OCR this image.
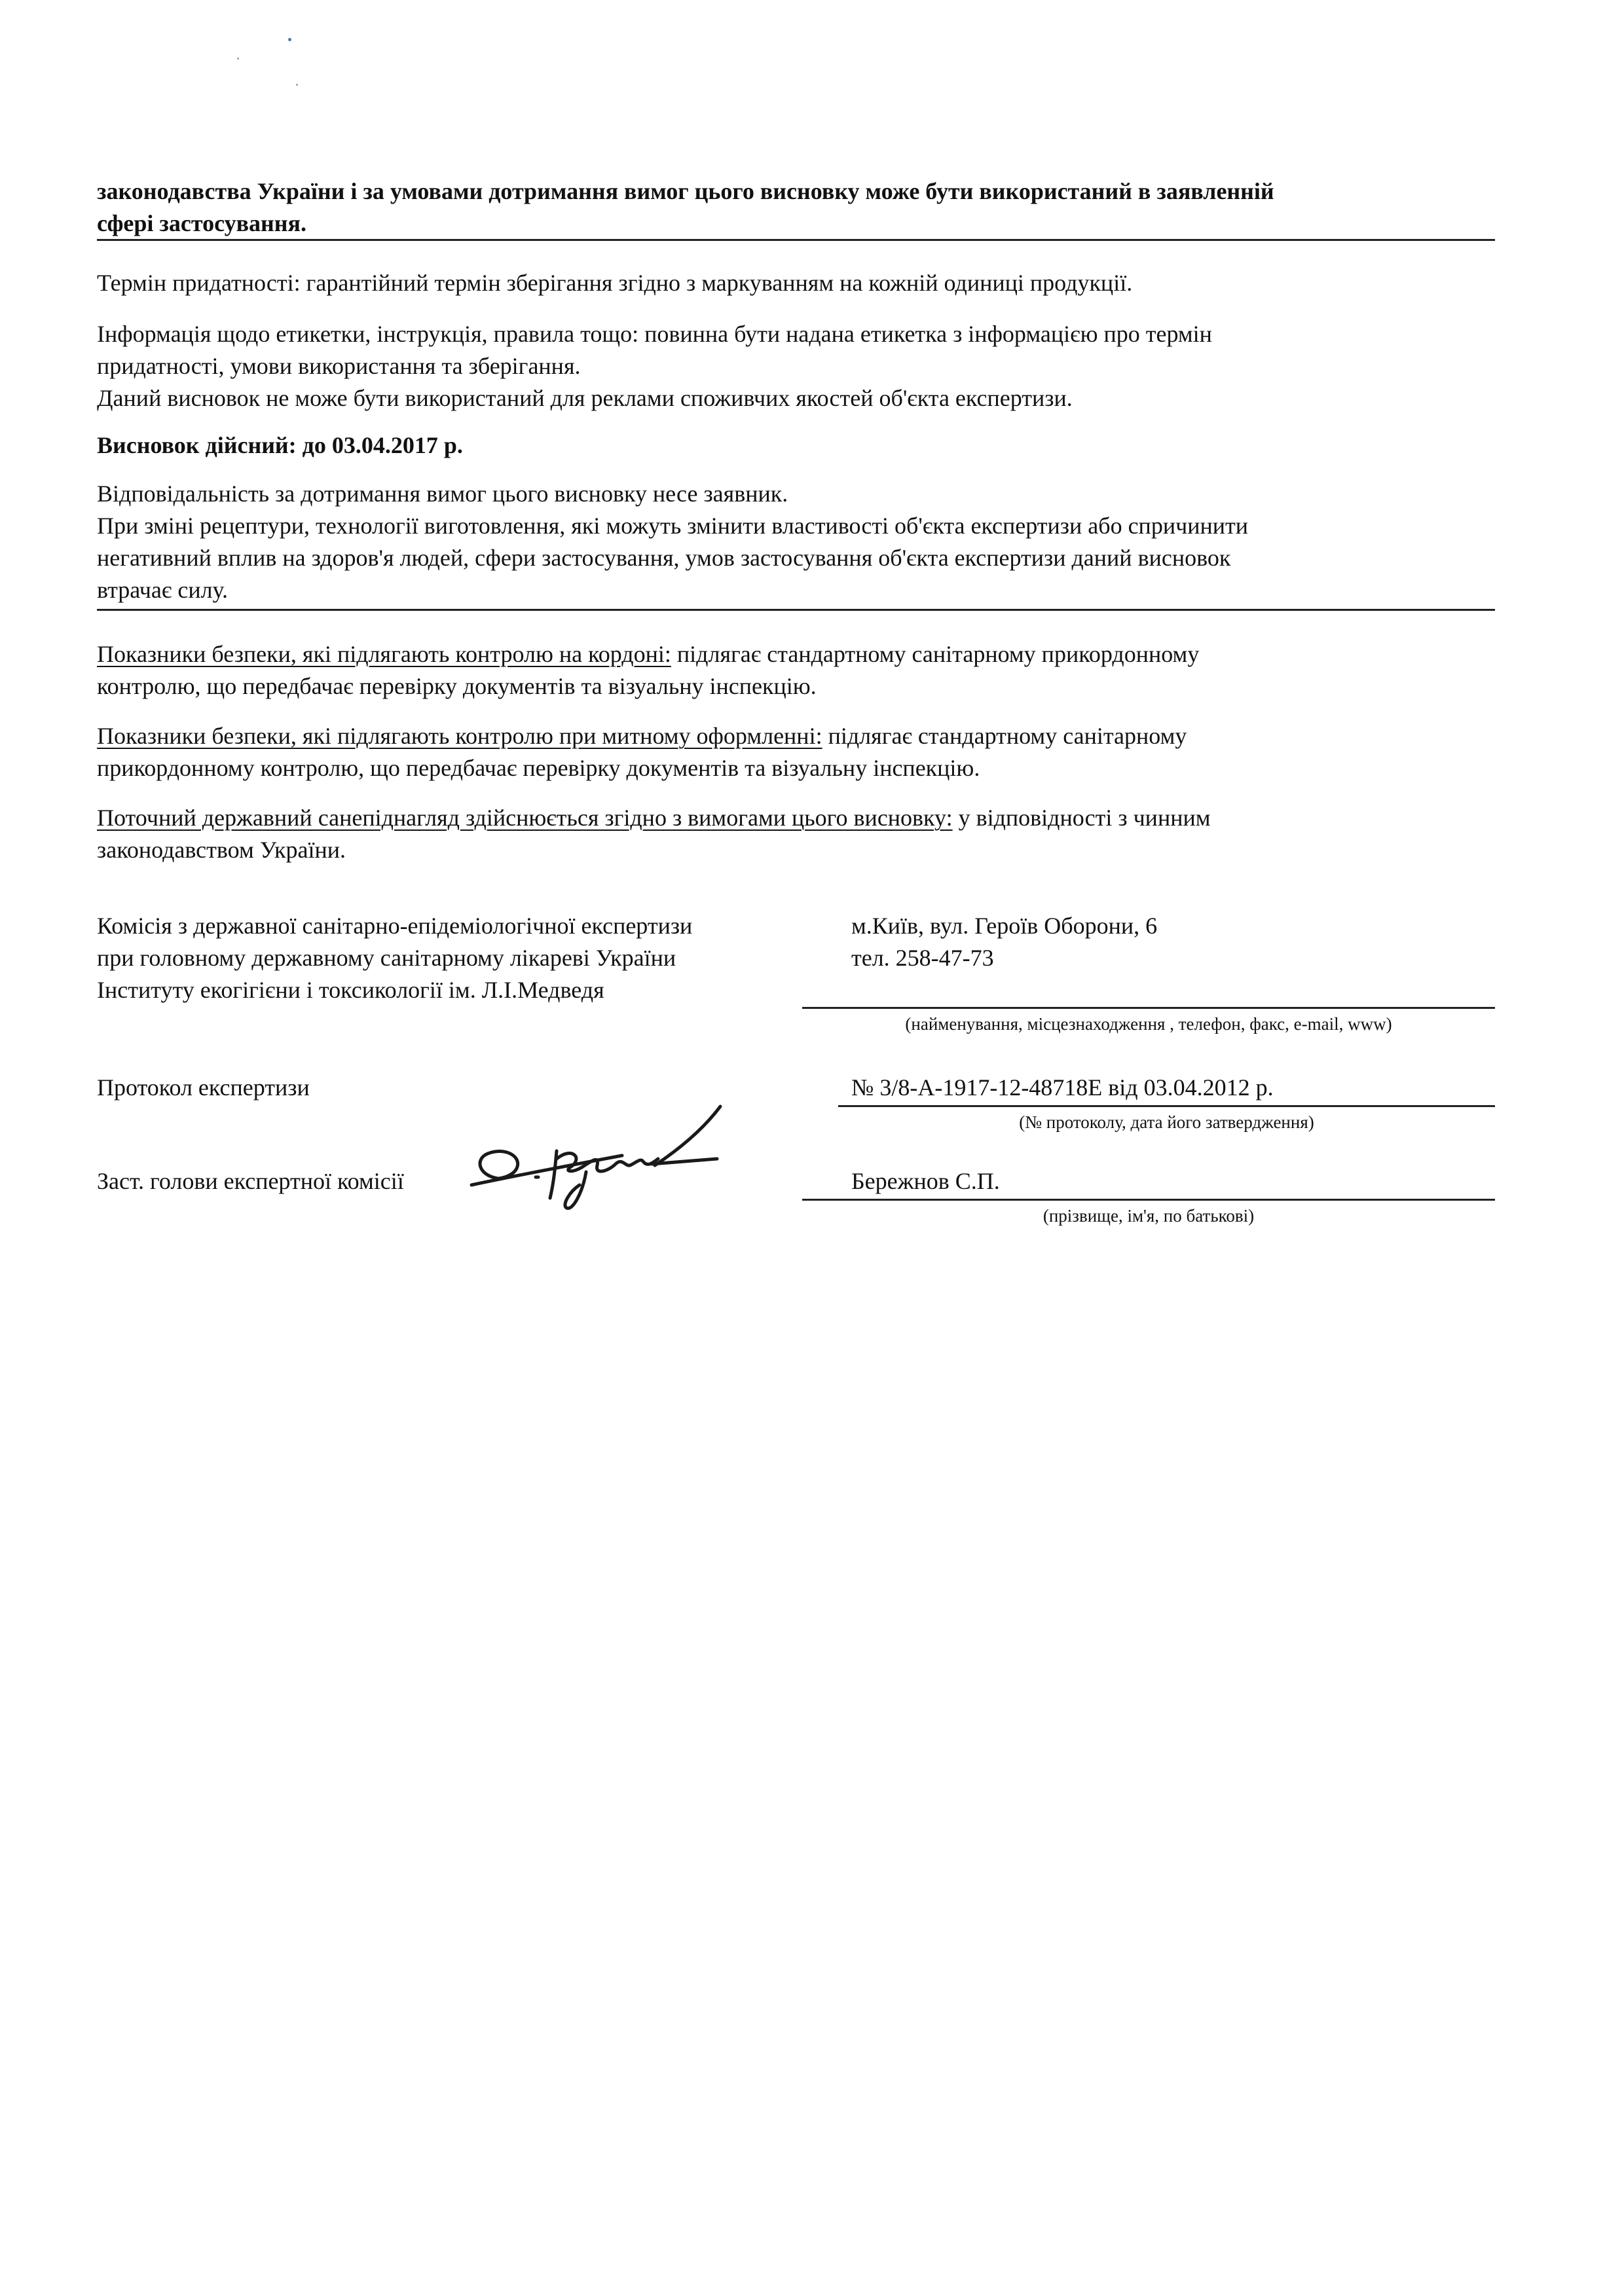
законодавства України і за умовами дотримання вимог цього висновку може бути використаний в заявленній
сфері застосування.
Термін придатності: гарантійний термін зберігання згідно з маркуванням на кожній одиниці продукції.
Інформація щодо етикетки, інструкція, правила тощо: повинна бути надана етикетка з інформацією про термін
придатності, умови використання та зберігання.
Даний висновок не може бути використаний для реклами споживчих якостей об'єкта експертизи.
Висновок дійсний: до 03.04.2017 р.
Відповідальність за дотримання вимог цього висновку несе заявник.
При зміні рецептури, технології виготовлення, які можуть змінити властивості об'єкта експертизи або спричинити
негативний вплив на здоров'я людей, сфери застосування, умов застосування об'єкта експертизи даний висновок
втрачає силу.
Показники безпеки, які підлягають контролю на кордоні: підлягає стандартному санітарному прикордонному
контролю, що передбачає перевірку документів та візуальну інспекцію.
Показники безпеки, які підлягають контролю при митному оформленні: підлягає стандартному санітарному
прикордонному контролю, що передбачає перевірку документів та візуальну інспекцію.
Поточний державний санепіднагляд здійснюється згідно з вимогами цього висновку: у відповідності з чинним
законодавством України.
Комісія з державної санітарно-епідеміологічної експертизи
при головному державному санітарному лікареві України
Інституту екогігієни і токсикології ім. Л.І.Медведя
м.Київ, вул. Героїв Оборони, 6
тел. 258-47-73
(найменування, місцезнаходження , телефон, факс, e-mail, www)
Протокол експертизи	№ 3/8-А-1917-12-48718Е від 03.04.2012 р.
(№ протоколу, дата його затвердження)
Заст. голови експертної комісії	Бережнов С.П.
(прізвище, ім'я, по батькові)
